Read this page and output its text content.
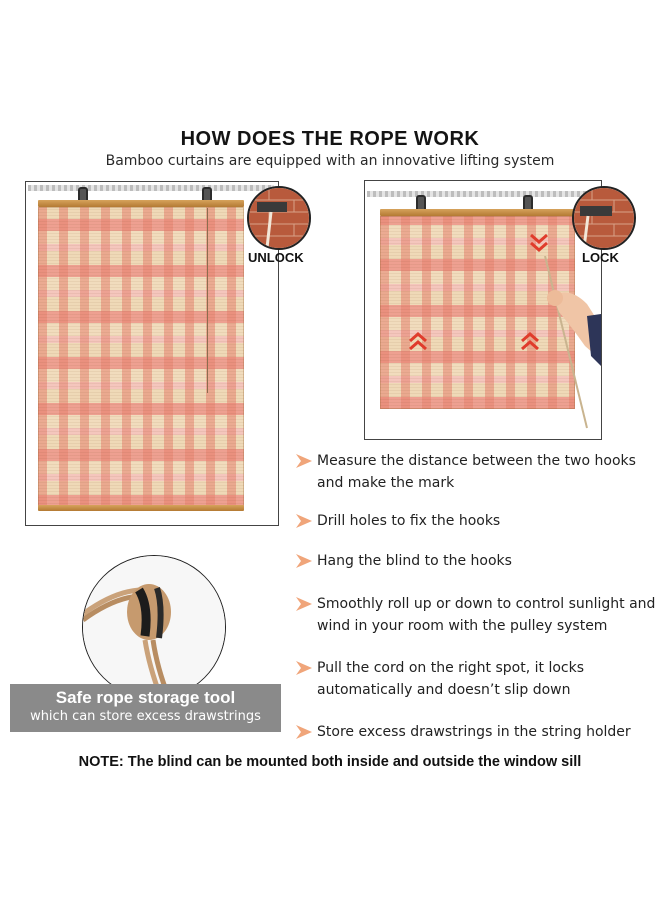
HOW DOES THE ROPE WORK
Bamboo curtains are equipped with an innovative lifting system
UNLOCK	LOCK
Measure the distance between the two hooks and make the mark
Drill holes to fix the hooks
Hang the blind to the hooks
Smoothly roll up or down to control sunlight and wind in your room with the pulley system
Pull the cord on the right spot, it locks automatically and doesn’t slip down
Store excess drawstrings in the string holder
Safe rope storage tool
which can store excess drawstrings
NOTE: The blind can be mounted both inside and outside the window sill
